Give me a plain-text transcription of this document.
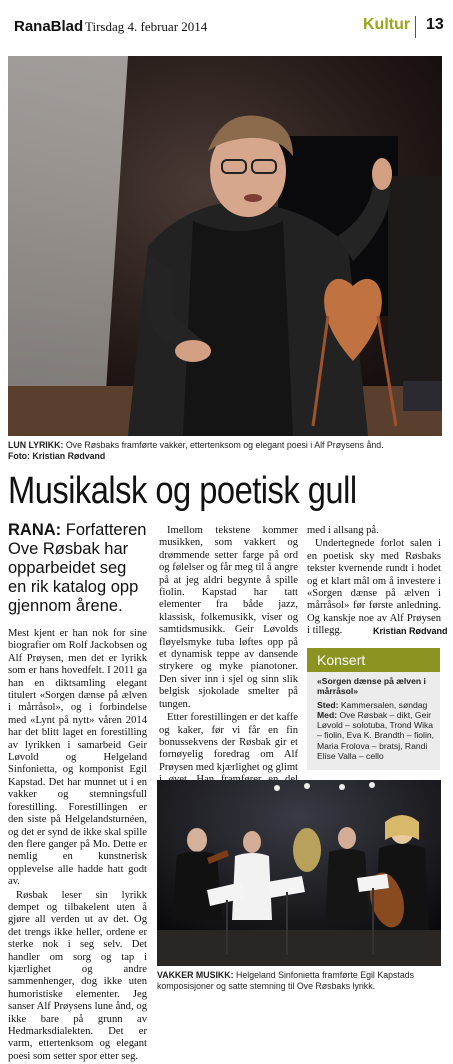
RanaBlad Tirsdag 4. februar 2014	Kultur 13
LUN LYRIKK: Ove Røsbaks framførte vakker, ettertenksom og elegant poesi i Alf Prøysens ånd.
Foto: Kristian Rødvand
Musikalsk og poetisk gull

RANA: Forfatteren Ove Røsbak har opparbeidet seg en rik katalog opp gjennom årene.

Mest kjent er han nok for sine biografier om Rolf Jackobsen og Alf Prøysen, men det er lyrikk som er hans hovedfelt. I 2011 ga han en diktsamling elegant titulert «Sorgen dænse på ælven i mårråsol», og i forbindelse med «Lynt på nytt» våren 2014 har det blitt laget en forestilling av lyrikken i samarbeid Geir Løvold og Helgeland Sinfonietta, og komponist Egil Kapstad. Det har munnet ut i en vakker og stemningsfull forestilling. Forestillingen er den siste på Helgelandsturnéen, og det er synd de ikke skal spille den flere ganger på Mo. Dette er nemlig en kunstnerisk opplevelse alle hadde hatt godt av.

Røsbak leser sin lyrikk dempet og tilbakelent uten å gjøre all verden ut av det. Og det trengs ikke heller, ordene er sterke nok i seg selv. Det handler om sorg og tap i kjærlighet og andre sammenhenger, dog ikke uten humoristiske elementer. Jeg sanser Alf Prøysens lune ånd, og ikke bare på grunn av Hedmarksdialekten. Det er varm, ettertenksom og elegant poesi som setter spor etter seg.

Imellom tekstene kommer musikken, som vakkert og drømmende setter farge på ord og følelser og får meg til å angre på at jeg aldri begynte å spille fiolin. Kapstad har tatt elementer fra både jazz, klassisk, folkemusikk, viser og samtidsmusikk. Geir Løvolds fløyelsmyke tuba løftes opp på et dynamisk teppe av dansende strykere og myke pianotoner. Den siver inn i sjel og sinn slik belgisk sjokolade smelter på tungen.

Etter forestillingen er det kaffe og kaker, før vi får en fin bonussekvens der Røsbak gir et fornøyelig foredrag om Alf Prøysen med kjærlighet og glimt

med i allsang på.

Undertegnede forlot salen i en poetisk sky med Røsbaks tekster kvernende rundt i hodet og et klart mål om å investere i «Sorgen dænse på ælven i mårråsol» før første anledning. Og kanskje noe av Alf Prøysen i tillegg.	Kristian Rødvand
Konsert
«Sorgen dænse på ælven i mårråsol»
Sted: Kammersalen, søndag
Med: Ove Røsbak – dikt, Geir Løvold – solotuba, Trond Wika – fiolin, Eva K. Brandth – fiolin, Maria Frolova – bratsj, Randi Elise Valla – cello
VAKKER MUSIKK: Helgeland Sinfonietta framførte Egil Kapstads komposisjoner og satte stemning til Ove Røsbaks lyrikk.
